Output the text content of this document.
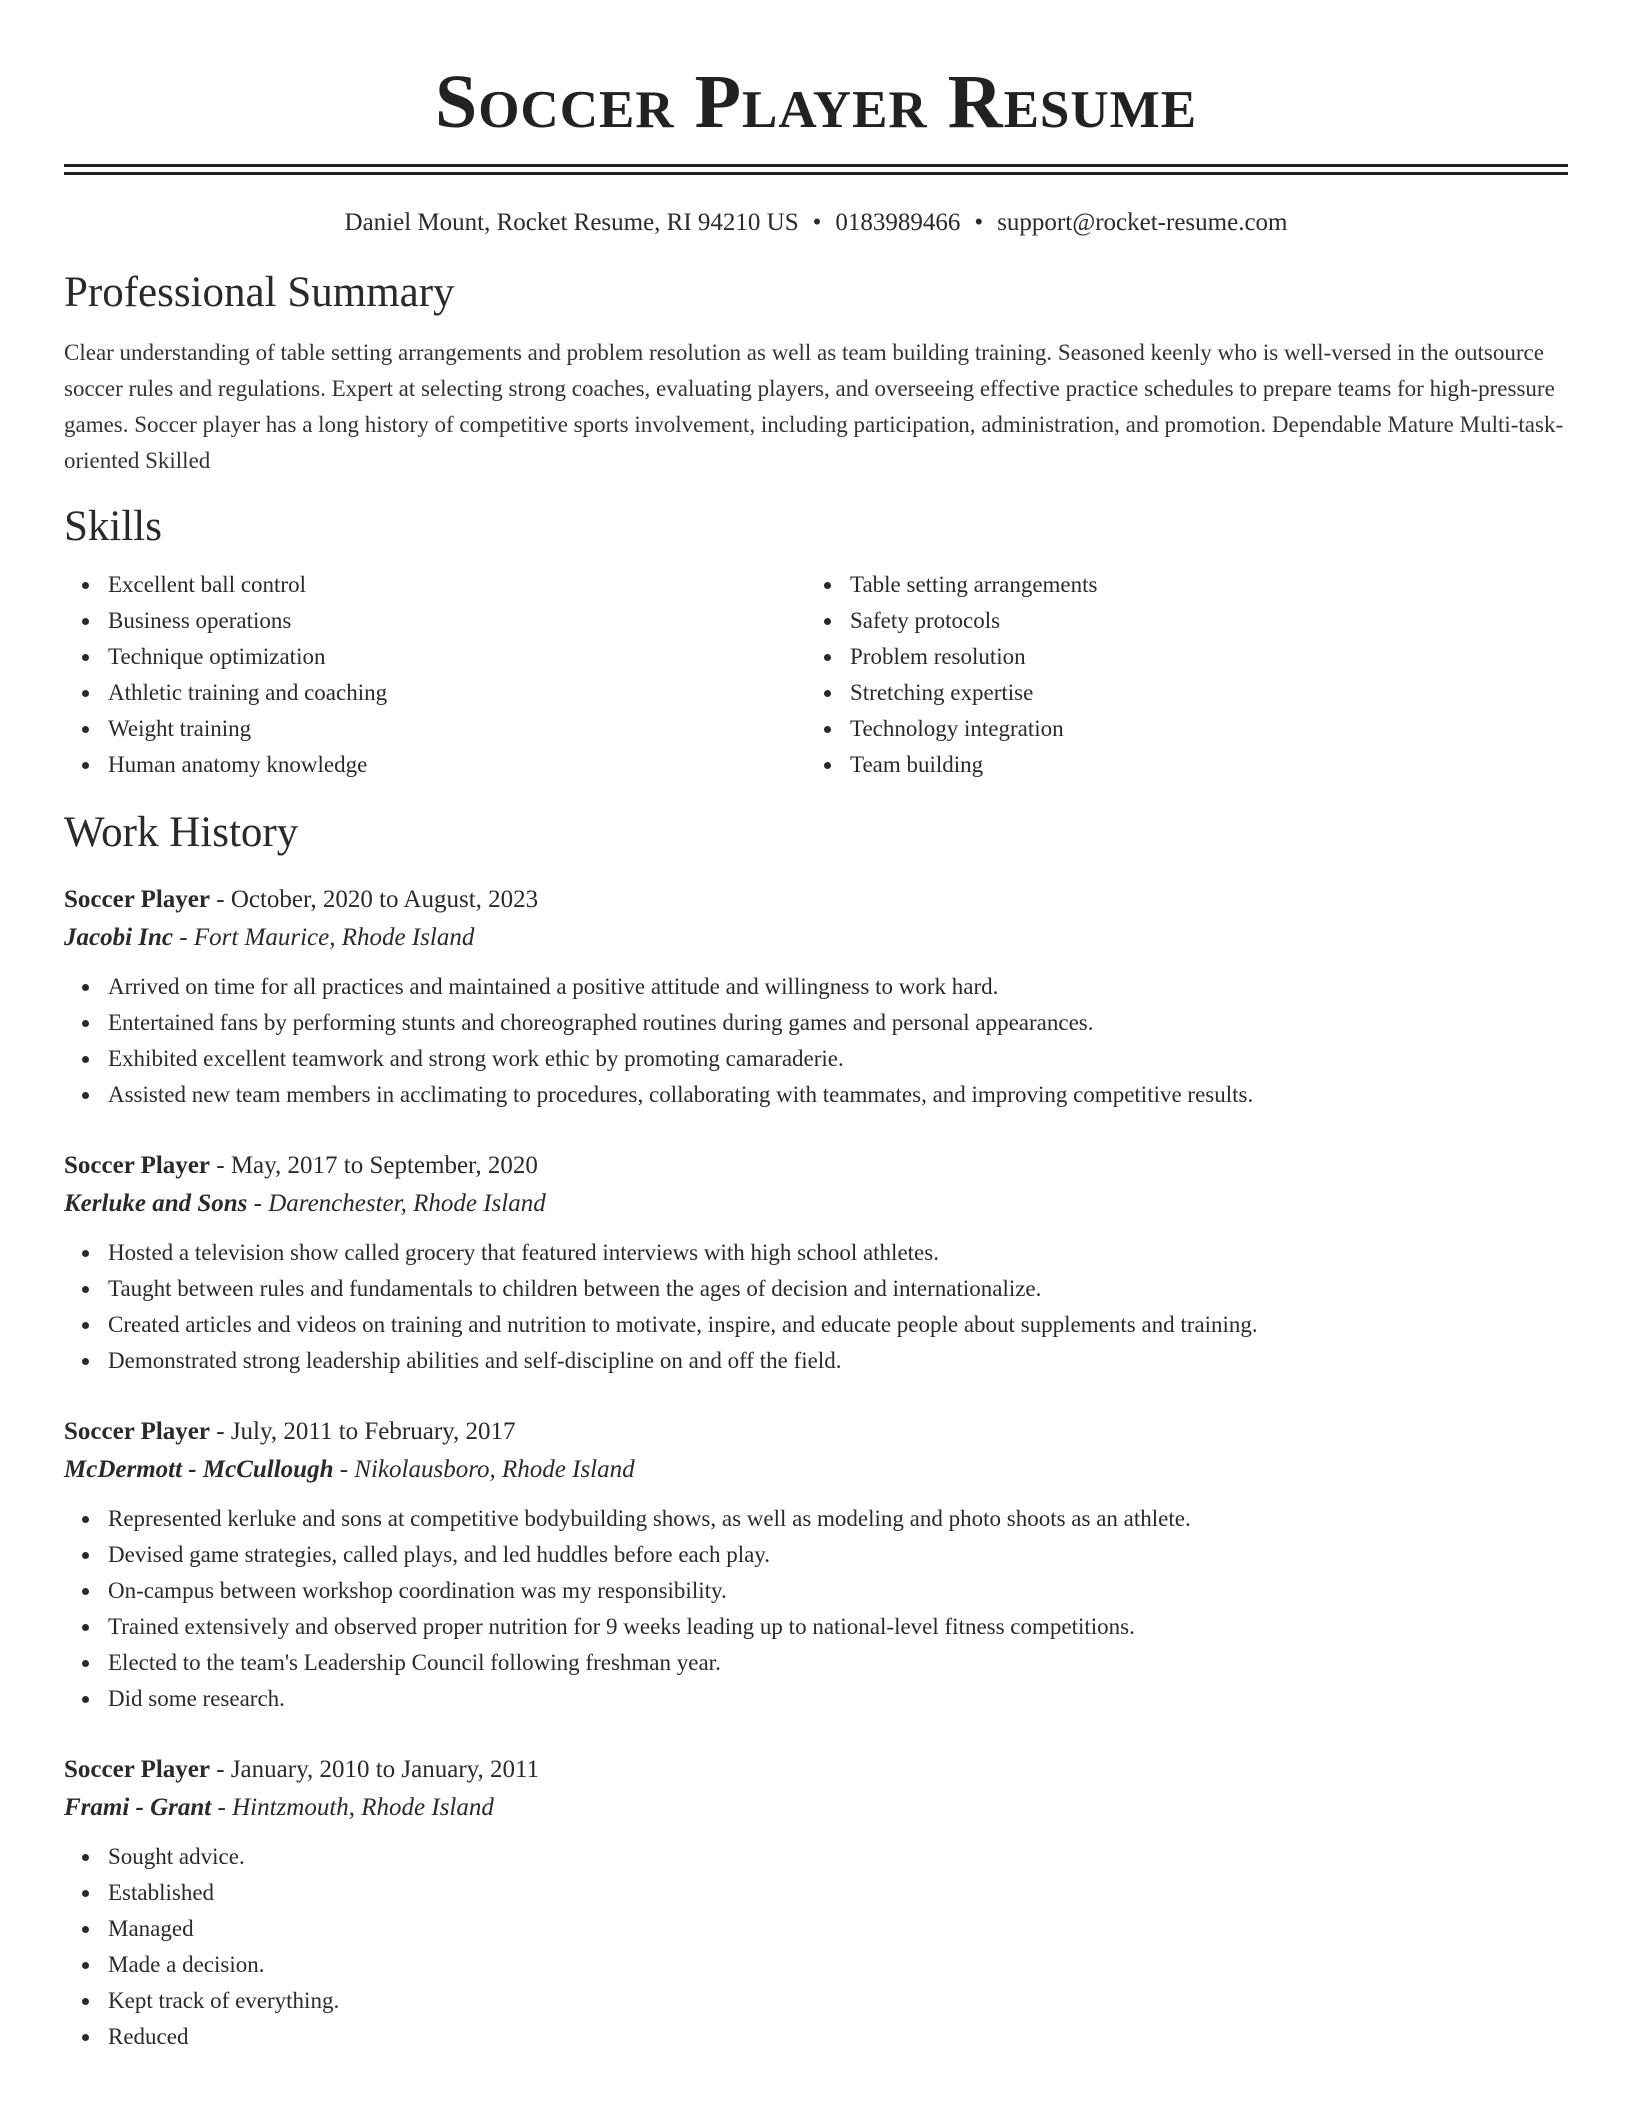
Soccer Player Resume
Daniel Mount, Rocket Resume, RI 94210 US • 0183989466 • support@rocket-resume.com
Professional Summary
Clear understanding of table setting arrangements and problem resolution as well as team building training. Seasoned keenly who is well-versed in the outsource soccer rules and regulations. Expert at selecting strong coaches, evaluating players, and overseeing effective practice schedules to prepare teams for high-pressure games. Soccer player has a long history of competitive sports involvement, including participation, administration, and promotion. Dependable Mature Multi-task-oriented Skilled
Skills
Excellent ball control
Business operations
Technique optimization
Athletic training and coaching
Weight training
Human anatomy knowledge
Table setting arrangements
Safety protocols
Problem resolution
Stretching expertise
Technology integration
Team building
Work History
Soccer Player - October, 2020 to August, 2023
Jacobi Inc - Fort Maurice, Rhode Island
Arrived on time for all practices and maintained a positive attitude and willingness to work hard.
Entertained fans by performing stunts and choreographed routines during games and personal appearances.
Exhibited excellent teamwork and strong work ethic by promoting camaraderie.
Assisted new team members in acclimating to procedures, collaborating with teammates, and improving competitive results.
Soccer Player - May, 2017 to September, 2020
Kerluke and Sons - Darenchester, Rhode Island
Hosted a television show called grocery that featured interviews with high school athletes.
Taught between rules and fundamentals to children between the ages of decision and internationalize.
Created articles and videos on training and nutrition to motivate, inspire, and educate people about supplements and training.
Demonstrated strong leadership abilities and self-discipline on and off the field.
Soccer Player - July, 2011 to February, 2017
McDermott - McCullough - Nikolausboro, Rhode Island
Represented kerluke and sons at competitive bodybuilding shows, as well as modeling and photo shoots as an athlete.
Devised game strategies, called plays, and led huddles before each play.
On-campus between workshop coordination was my responsibility.
Trained extensively and observed proper nutrition for 9 weeks leading up to national-level fitness competitions.
Elected to the team's Leadership Council following freshman year.
Did some research.
Soccer Player - January, 2010 to January, 2011
Frami - Grant - Hintzmouth, Rhode Island
Sought advice.
Established
Managed
Made a decision.
Kept track of everything.
Reduced
